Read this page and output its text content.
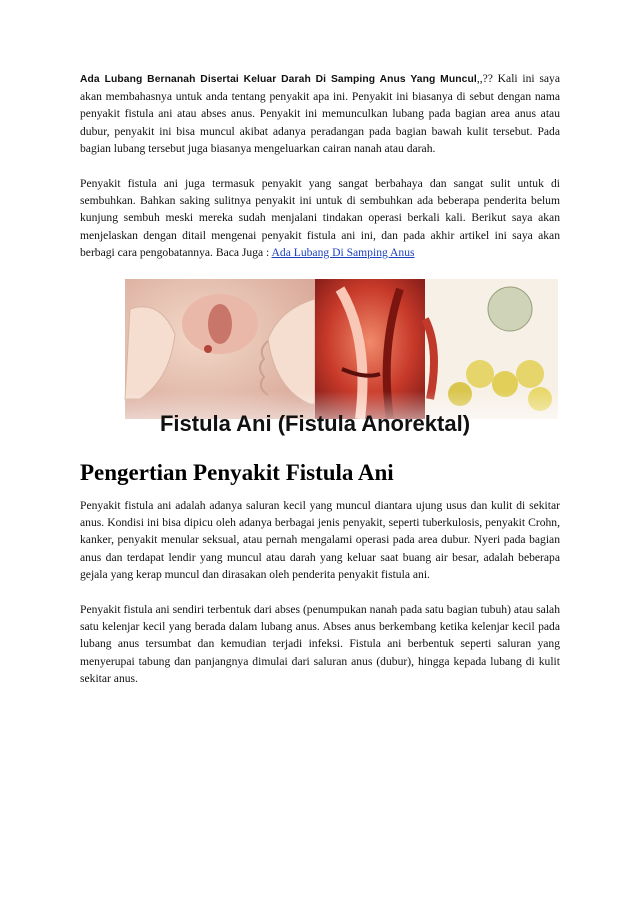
Ada Lubang Bernanah Disertai Keluar Darah Di Samping Anus Yang Muncul,,?? Kali ini saya akan membahasnya untuk anda tentang penyakit apa ini. Penyakit ini biasanya di sebut dengan nama penyakit fistula ani atau abses anus. Penyakit ini memunculkan lubang pada bagian area anus atau dubur, penyakit ini bisa muncul akibat adanya peradangan pada bagian bawah kulit tersebut. Pada bagian lubang tersebut juga biasanya mengeluarkan cairan nanah atau darah.

Penyakit fistula ani juga termasuk penyakit yang sangat berbahaya dan sangat sulit untuk di sembuhkan. Bahkan saking sulitnya penyakit ini untuk di sembuhkan ada beberapa penderita belum kunjung sembuh meski mereka sudah menjalani tindakan operasi berkali kali. Berikut saya akan menjelaskan dengan ditail mengenai penyakit fistula ani ini, dan pada akhir artikel ini saya akan berbagi cara pengobatannya. Baca Juga : Ada Lubang Di Samping Anus

Fistula Ani (Fistula Anorektal)
Pengertian Penyakit Fistula Ani

Penyakit fistula ani adalah adanya saluran kecil yang muncul diantara ujung usus dan kulit di sekitar anus. Kondisi ini bisa dipicu oleh adanya berbagai jenis penyakit, seperti tuberkulosis, penyakit Crohn, kanker, penyakit menular seksual, atau pernah mengalami operasi pada area dubur. Nyeri pada bagian anus dan terdapat lendir yang muncul atau darah yang keluar saat buang air besar, adalah beberapa gejala yang kerap muncul dan dirasakan oleh penderita penyakit fistula ani.

Penyakit fistula ani sendiri terbentuk dari abses (penumpukan nanah pada satu bagian tubuh) atau salah satu kelenjar kecil yang berada dalam lubang anus. Abses anus berkembang ketika kelenjar kecil pada lubang anus tersumbat dan kemudian terjadi infeksi. Fistula ani berbentuk seperti saluran yang menyerupai tabung dan panjangnya dimulai dari saluran anus (dubur), hingga kepada lubang di kulit sekitar anus.
